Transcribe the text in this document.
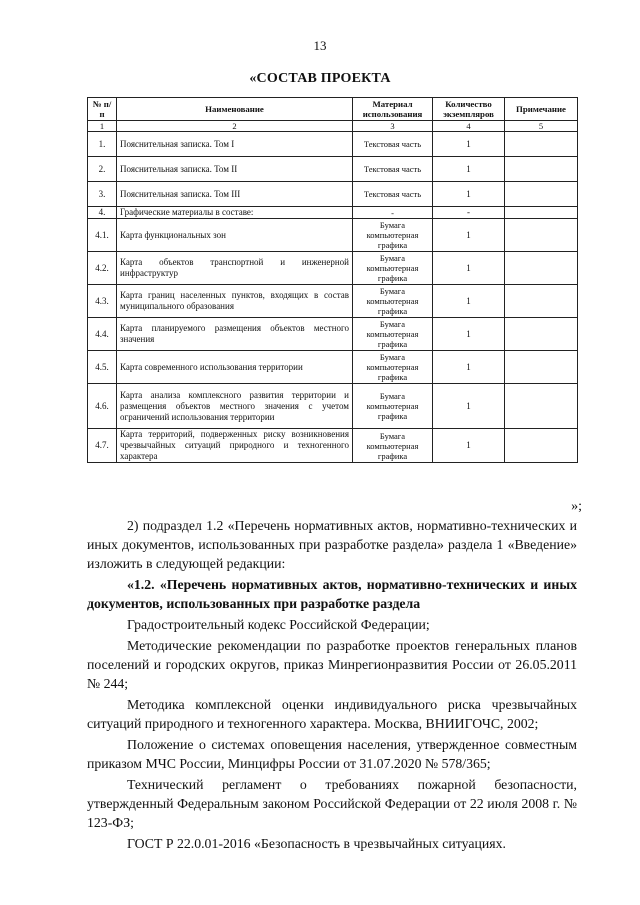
13
«СОСТАВ ПРОЕКТА
№ п/п	Наименование	Материал использования	Количество экземпляров	Примечание
1	2	3	4	5
1.	Пояснительная записка. Том I	Текстовая часть	1	
2.	Пояснительная записка. Том II	Текстовая часть	1	
3.	Пояснительная записка. Том III	Текстовая часть	1	
4.	Графические материалы в составе:	-	-	
4.1.	Карта функциональных зон	Бумага компьютерная графика	1	
4.2.	Карта объектов транспортной и инженерной инфраструктур	Бумага компьютерная графика	1	
4.3.	Карта границ населенных пунктов, входящих в состав муниципального образования	Бумага компьютерная графика	1	
4.4.	Карта планируемого размещения объектов местного значения	Бумага компьютерная графика	1	
4.5.	Карта современного использования территории	Бумага компьютерная графика	1	
4.6.	Карта анализа комплексного развития территории и размещения объектов местного значения с учетом ограничений использования территории	Бумага компьютерная графика	1	
4.7.	Карта территорий, подверженных риску возникновения чрезвычайных ситуаций природного и техногенного характера	Бумага компьютерная графика	1	
»;

2) подраздел 1.2 «Перечень нормативных актов, нормативно-технических и иных документов, использованных при разработке раздела» раздела 1 «Введение» изложить в следующей редакции:

«1.2. «Перечень нормативных актов, нормативно-технических и иных документов, использованных при разработке раздела

Градостроительный кодекс Российской Федерации;

Методические рекомендации по разработке проектов генеральных планов поселений и городских округов, приказ Минрегионразвития России от 26.05.2011 № 244;

Методика комплексной оценки индивидуального риска чрезвычайных ситуаций природного и техногенного характера. Москва, ВНИИГОЧС, 2002;

Положение о системах оповещения населения, утвержденное совместным приказом МЧС России, Минцифры России от 31.07.2020 № 578/365;

Технический регламент о требованиях пожарной безопасности, утвержденный Федеральным законом Российской Федерации от 22 июля 2008 г. № 123-ФЗ;

ГОСТ Р 22.0.01-2016 «Безопасность в чрезвычайных ситуациях.
